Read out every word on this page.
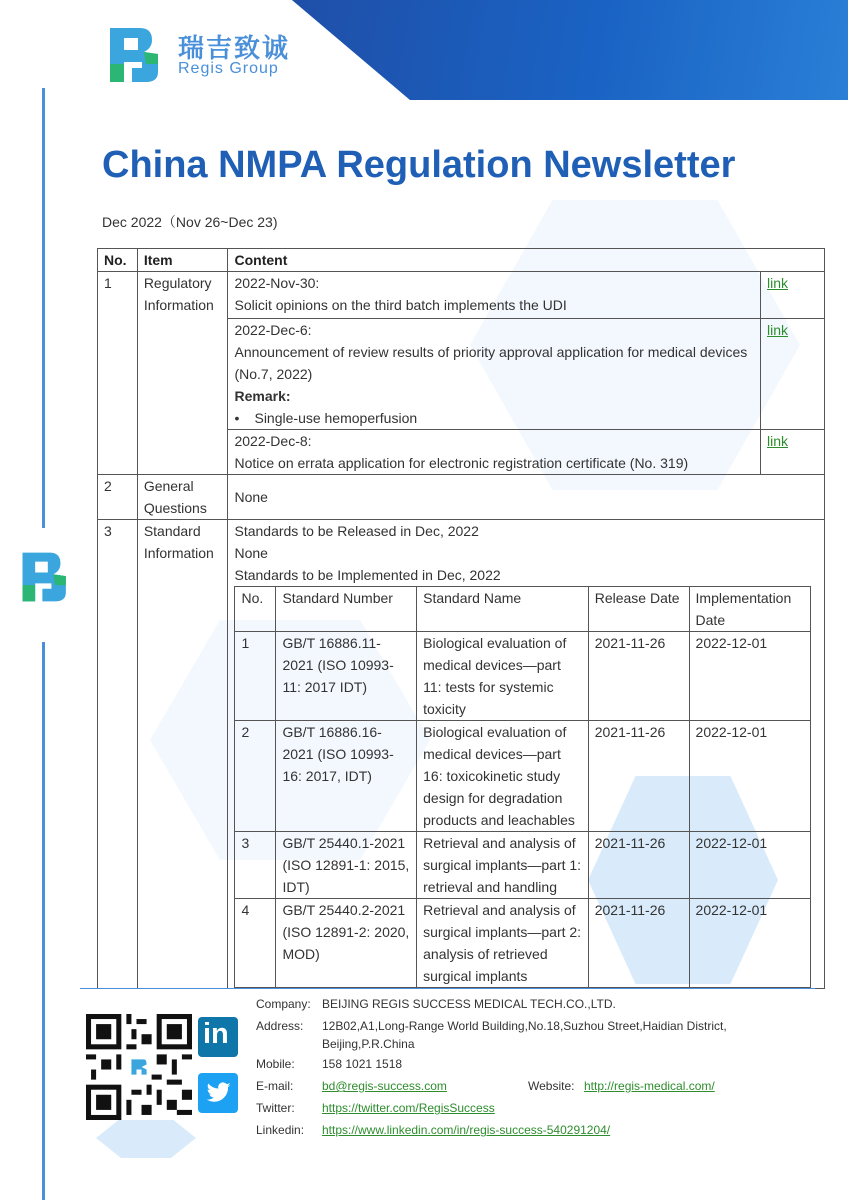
瑞吉致诚
Regis Group
China NMPA Regulation Newsletter
Dec 2022（Nov 26~Dec 23)
No.	Item	Content
1	Regulatory Information	
2022-Nov-30:
Solicit opinions on the third batch implements the UDI
	link

2022-Dec-6:
Announcement of review results of priority approval application for medical devices (No.7, 2022)
Remark:
• Single-use hemoperfusion
	link

2022-Dec-8:
Notice on errata application for electronic registration certificate (No. 319)
	link
2	General Questions	None
3	Standard Information	
Standards to be Released in Dec, 2022
None
Standards to be Implemented in Dec, 2022
No.	Standard Number	Standard Name	Release Date	Implementation Date
1	GB/T 16886.11-2021 (ISO 10993-11: 2017 IDT)	Biological evaluation of medical devices—part 11: tests for systemic toxicity	2021-11-26	2022-12-01
2	GB/T 16886.16-2021 (ISO 10993-16: 2017, IDT)	Biological evaluation of medical devices—part 16: toxicokinetic study design for degradation products and leachables	2021-11-26	2022-12-01
3	GB/T 25440.1-2021 (ISO 12891-1: 2015, IDT)	Retrieval and analysis of surgical implants—part 1: retrieval and handling	2021-11-26	2022-12-01
4	GB/T 25440.2-2021 (ISO 12891-2: 2020, MOD)	Retrieval and analysis of surgical implants—part 2: analysis of retrieved surgical implants	2021-11-26	2022-12-01
in
Company: BEIJING REGIS SUCCESS MEDICAL TECH.CO.,LTD.
Address: 12B02,A1,Long-Range World Building,No.18,Suzhou Street,Haidian District,
Beijing,P.R.China
Mobile: 158 1021 1518
E-mail: bd@regis-success.com	Website: http://regis-medical.com/
Twitter: https://twitter.com/RegisSuccess
Linkedin: https://www.linkedin.com/in/regis-success-540291204/
